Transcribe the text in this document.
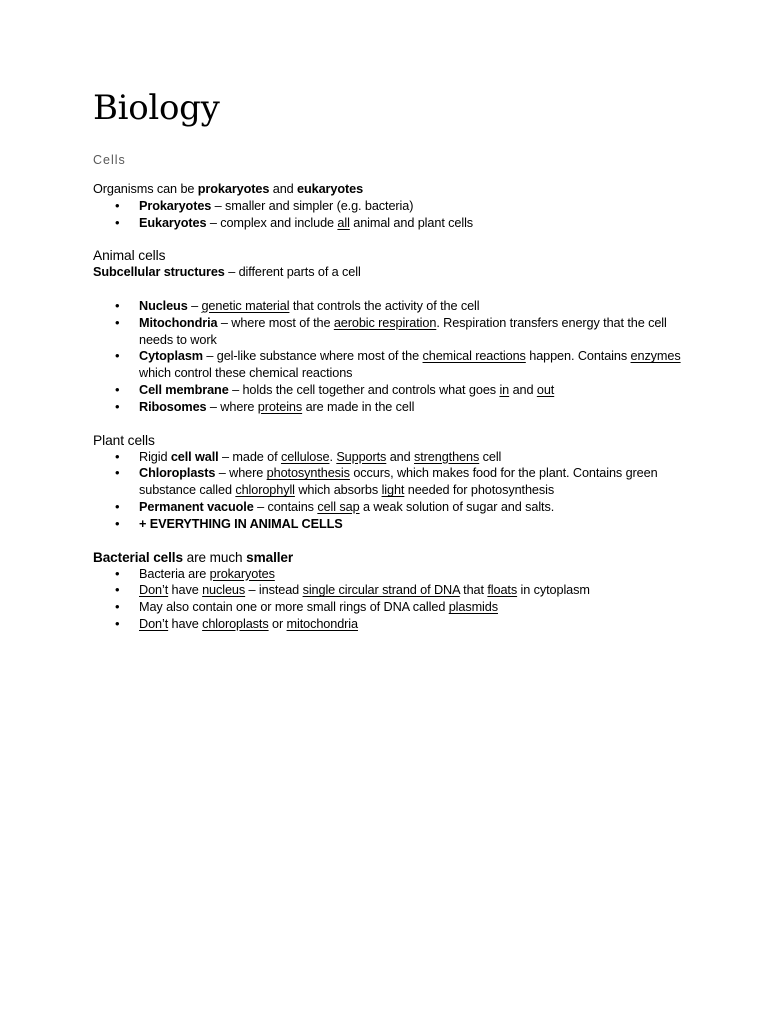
Biology
Cells
Organisms can be prokaryotes and eukaryotes
• Prokaryotes – smaller and simpler (e.g. bacteria)
• Eukaryotes – complex and include all animal and plant cells
Animal cells
Subcellular structures – different parts of a cell
• Nucleus – genetic material that controls the activity of the cell
• Mitochondria – where most of the aerobic respiration. Respiration transfers energy that the cell needs to work
• Cytoplasm – gel-like substance where most of the chemical reactions happen. Contains enzymes which control these chemical reactions
• Cell membrane – holds the cell together and controls what goes in and out
• Ribosomes – where proteins are made in the cell
Plant cells
• Rigid cell wall – made of cellulose. Supports and strengthens cell
• Chloroplasts – where photosynthesis occurs, which makes food for the plant. Contains green substance called chlorophyll which absorbs light needed for photosynthesis
• Permanent vacuole – contains cell sap a weak solution of sugar and salts.
• + EVERYTHING IN ANIMAL CELLS
Bacterial cells are much smaller
• Bacteria are prokaryotes
• Don’t have nucleus – instead single circular strand of DNA that floats in cytoplasm
• May also contain one or more small rings of DNA called plasmids
• Don’t have chloroplasts or mitochondria
